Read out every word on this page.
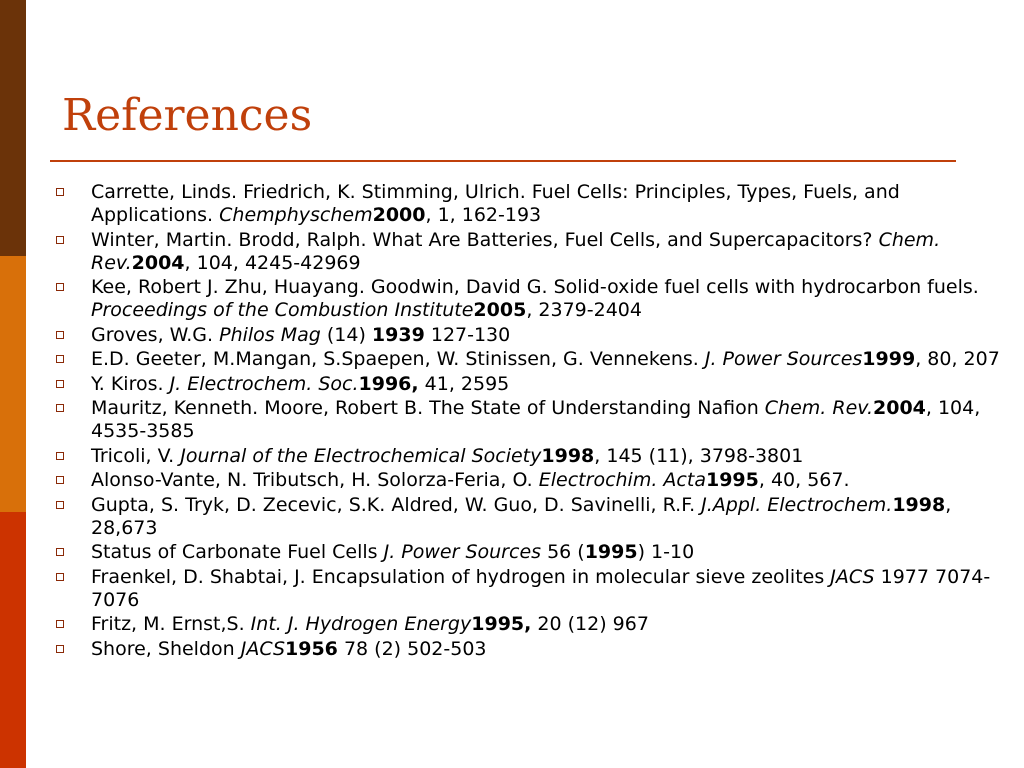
References
Carrette, Linds. Friedrich, K. Stimming, Ulrich. Fuel Cells: Principles, Types, Fuels, and Applications. Chemphyschem2000, 1, 162-193
Winter, Martin. Brodd, Ralph. What Are Batteries, Fuel Cells, and Supercapacitors? Chem. Rev.2004, 104, 4245-42969
Kee, Robert J. Zhu, Huayang. Goodwin, David G. Solid-oxide fuel cells with hydrocarbon fuels. Proceedings of the Combustion Institute2005, 2379-2404
Groves, W.G. Philos Mag (14) 1939 127-130
E.D. Geeter, M.Mangan, S.Spaepen, W. Stinissen, G. Vennekens. J. Power Sources1999, 80, 207
Y. Kiros. J. Electrochem. Soc.1996, 41, 2595
Mauritz, Kenneth. Moore, Robert B. The State of Understanding Nafion Chem. Rev.2004, 104, 4535-3585
Tricoli, V. Journal of the Electrochemical Society1998, 145 (11), 3798-3801
Alonso-Vante, N. Tributsch, H. Solorza-Feria, O. Electrochim. Acta1995, 40, 567.
Gupta, S. Tryk, D. Zecevic, S.K. Aldred, W. Guo, D. Savinelli, R.F. J.Appl. Electrochem.1998, 28,673
Status of Carbonate Fuel Cells J. Power Sources 56 (1995) 1-10
Fraenkel, D. Shabtai, J. Encapsulation of hydrogen in molecular sieve zeolites JACS 1977 7074-7076
Fritz, M. Ernst,S. Int. J. Hydrogen Energy1995, 20 (12) 967
Shore, Sheldon JACS1956 78 (2) 502-503
